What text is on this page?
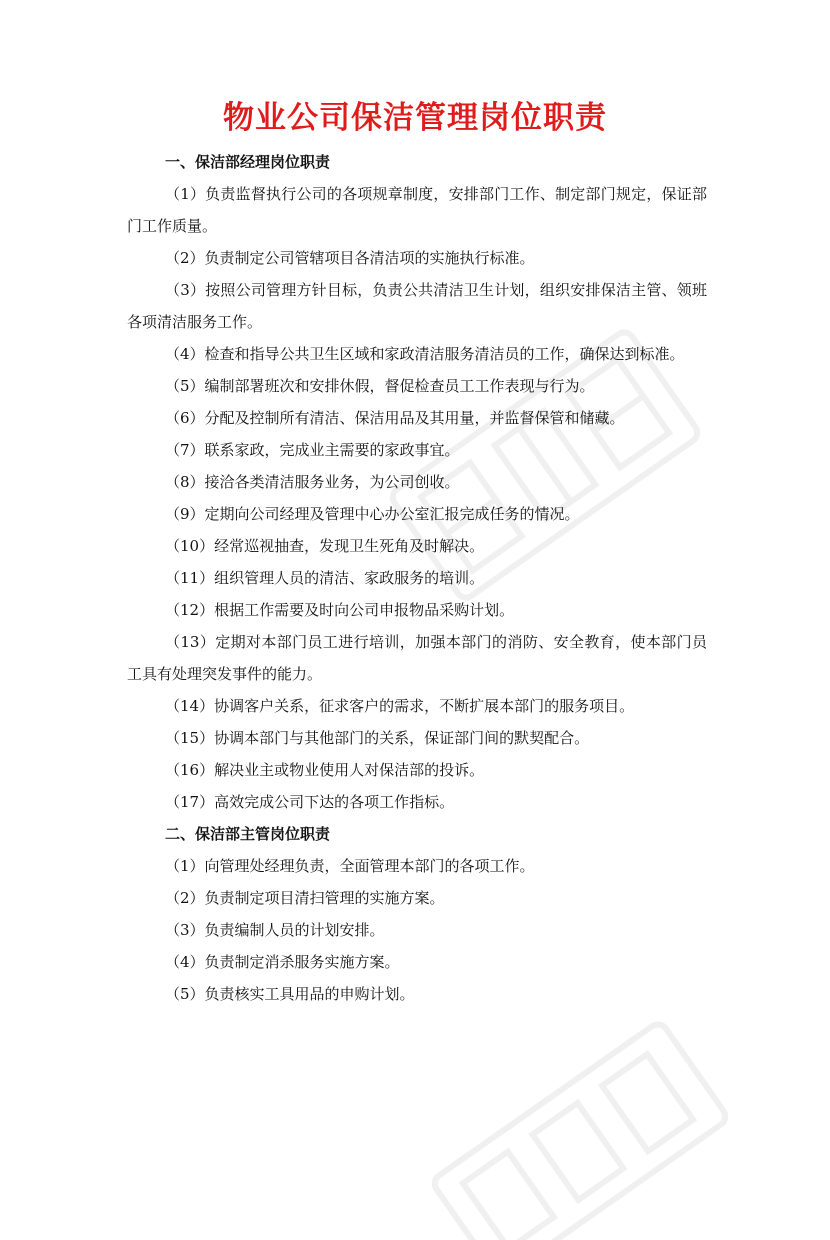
物业公司保洁管理岗位职责
一、保洁部经理岗位职责

（1）负责监督执行公司的各项规章制度，安排部门工作、制定部门规定，保证部门工作质量。

（2）负责制定公司管辖项目各清洁项的实施执行标准。

（3）按照公司管理方针目标，负责公共清洁卫生计划，组织安排保洁主管、领班各项清洁服务工作。

（4）检查和指导公共卫生区域和家政清洁服务清洁员的工作，确保达到标准。

（5）编制部署班次和安排休假，督促检查员工工作表现与行为。

（6）分配及控制所有清洁、保洁用品及其用量，并监督保管和储藏。

（7）联系家政，完成业主需要的家政事宜。

（8）接洽各类清洁服务业务，为公司创收。

（9）定期向公司经理及管理中心办公室汇报完成任务的情况。

（10）经常巡视抽查，发现卫生死角及时解决。

（11）组织管理人员的清洁、家政服务的培训。

（12）根据工作需要及时向公司申报物品采购计划。

（13）定期对本部门员工进行培训，加强本部门的消防、安全教育，使本部门员工具有处理突发事件的能力。

（14）协调客户关系，征求客户的需求，不断扩展本部门的服务项目。

（15）协调本部门与其他部门的关系，保证部门间的默契配合。

（16）解决业主或物业使用人对保洁部的投诉。

（17）高效完成公司下达的各项工作指标。

二、保洁部主管岗位职责

（1）向管理处经理负责，全面管理本部门的各项工作。

（2）负责制定项目清扫管理的实施方案。

（3）负责编制人员的计划安排。

（4）负责制定消杀服务实施方案。

（5）负责核实工具用品的申购计划。
